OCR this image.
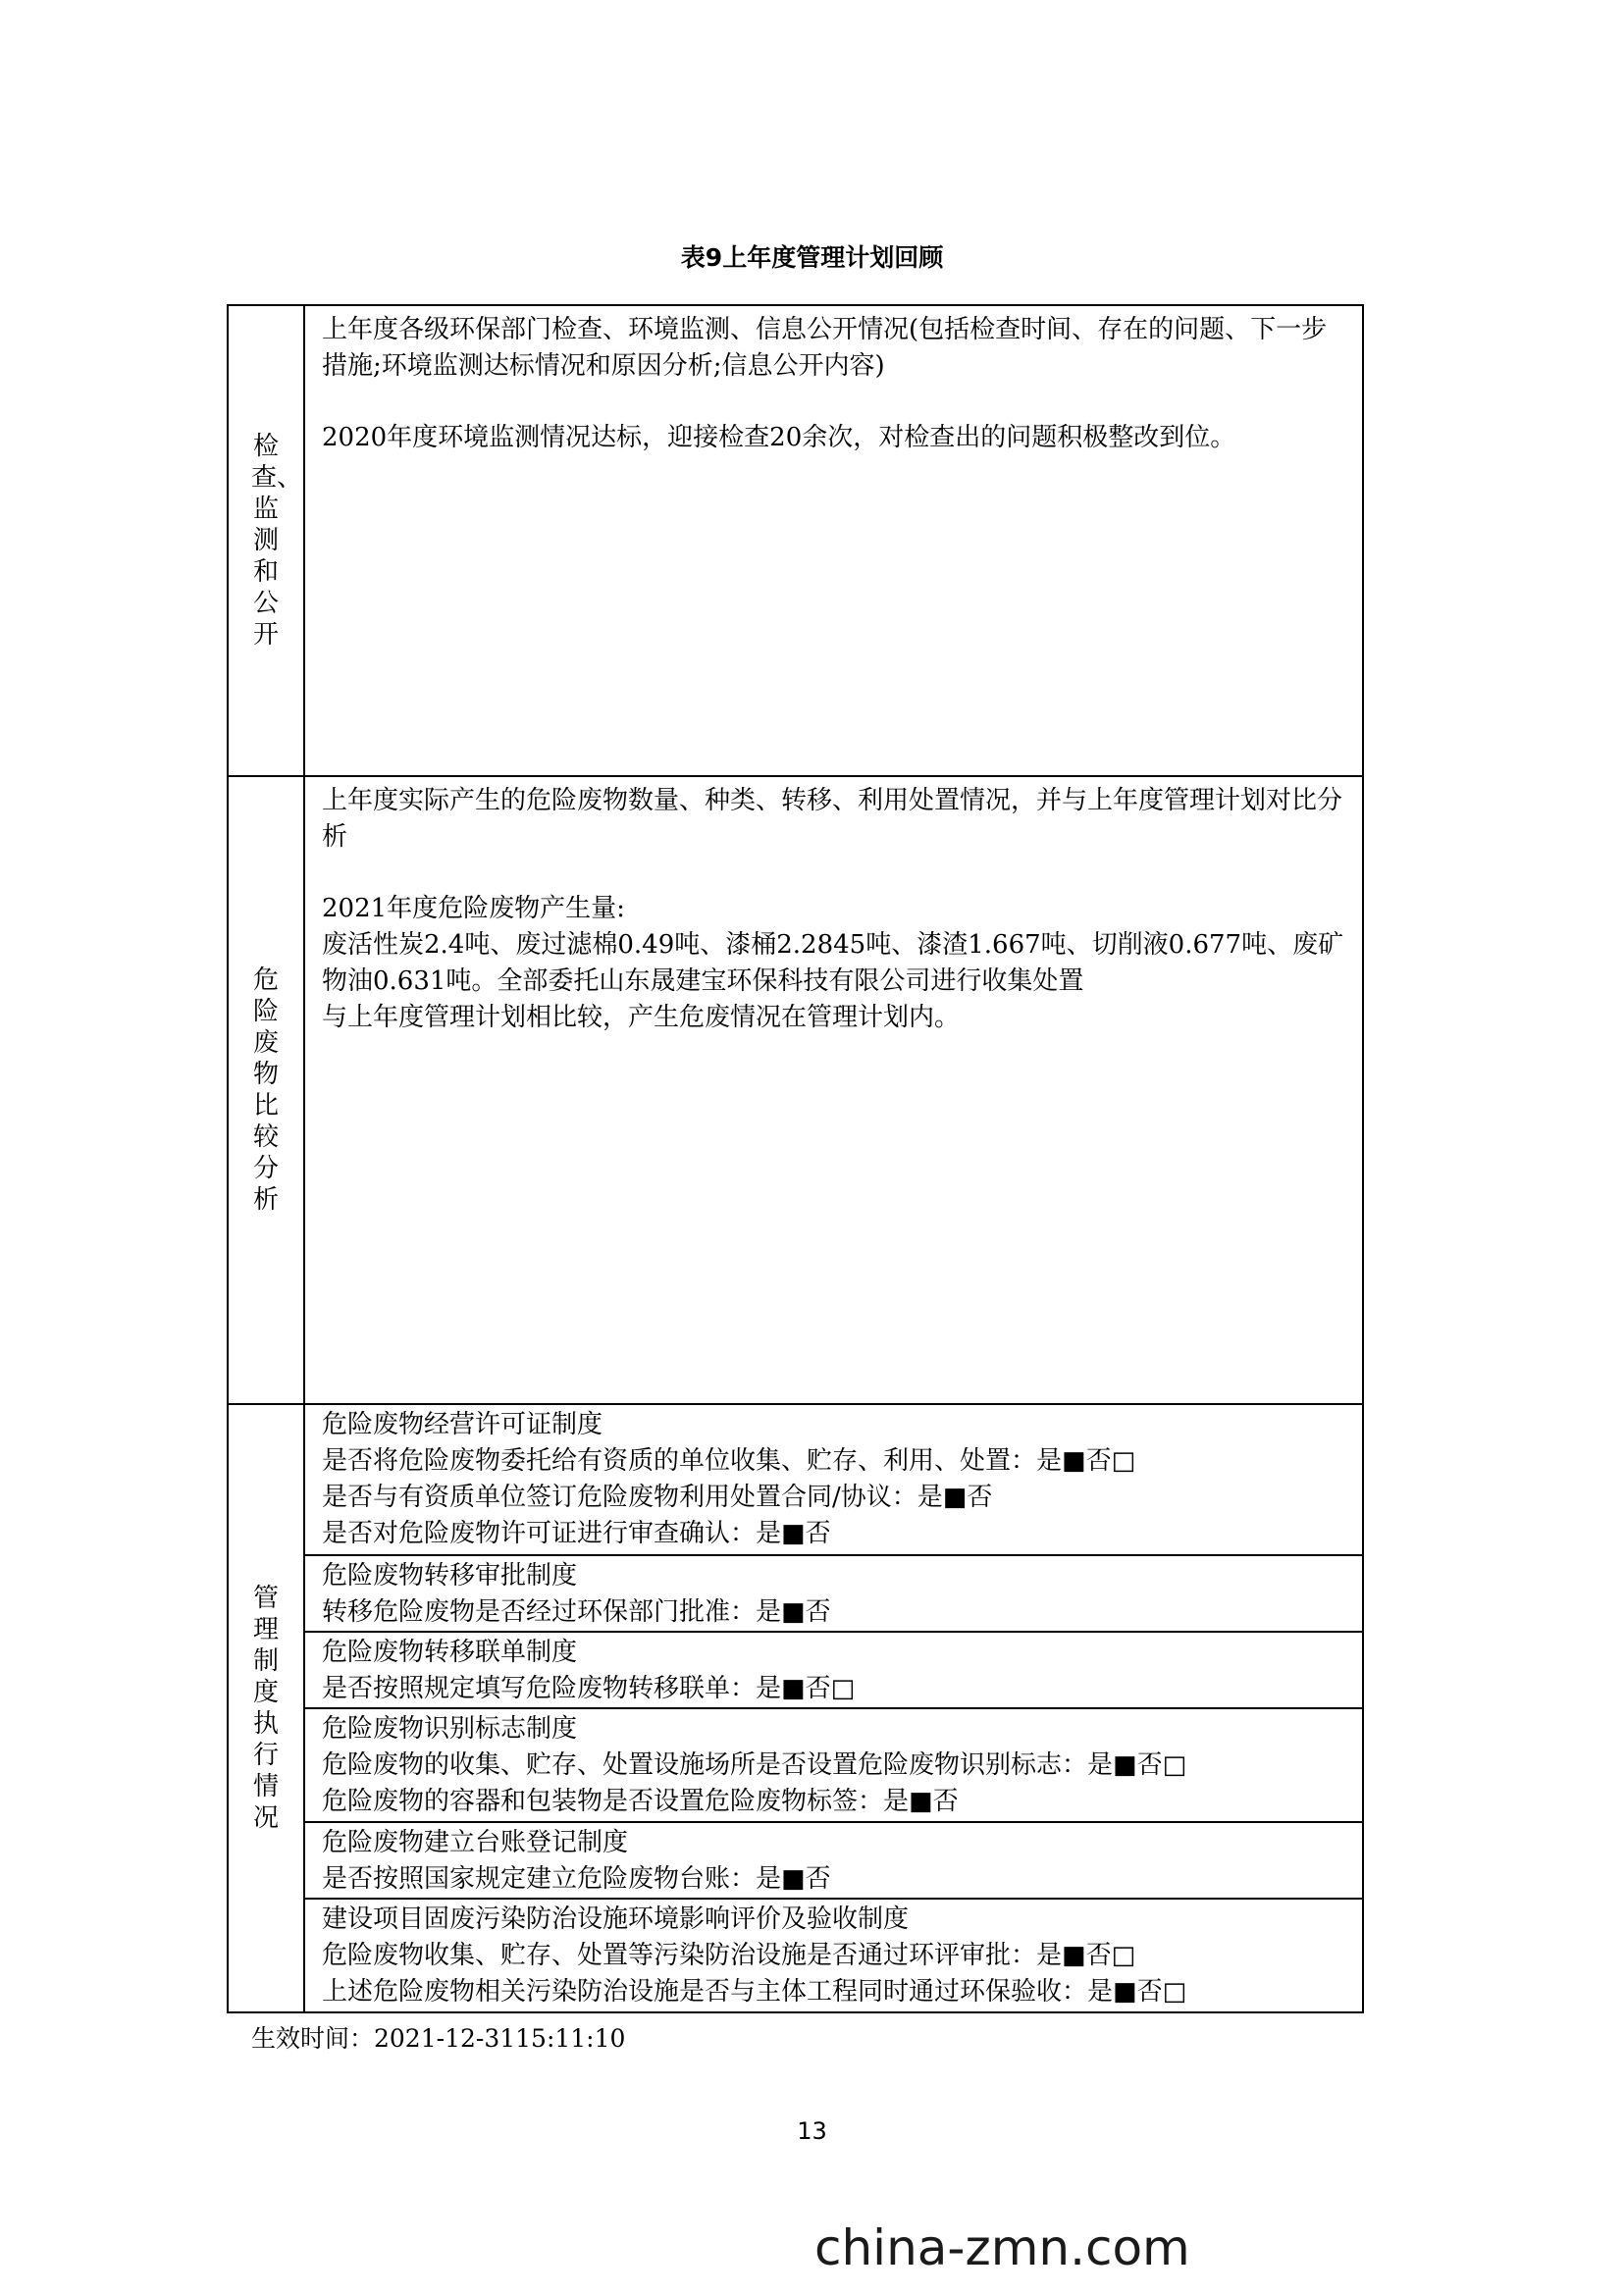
表9上年度管理计划回顾
检查、监测和公开	上年度各级环保部门检查、环境监测、信息公开情况(包括检查时间、存在的问题、下一步措施;环境监测达标情况和原因分析;信息公开内容)

2020年度环境监测情况达标，迎接检查20余次，对检查出的问题积极整改到位。

危险废物比较分析	上年度实际产生的危险废物数量、种类、转移、利用处置情况，并与上年度管理计划对比分析

2021年度危险废物产生量:

废活性炭2.4吨、废过滤棉0.49吨、漆桶2.2845吨、漆渣1.667吨、切削液0.677吨、废矿物油0.631吨。全部委托山东晟建宝环保科技有限公司进行收集处置

与上年度管理计划相比较，产生危废情况在管理计划内。

管理制度执行情况	危险废物经营许可证制度

是否将危险废物委托给有资质的单位收集、贮存、利用、处置：是■否□

是否与有资质单位签订危险废物利用处置合同/协议：是■否

是否对危险废物许可证进行审查确认：是■否

	危险废物转移审批制度

转移危险废物是否经过环保部门批准：是■否

	危险废物转移联单制度

是否按照规定填写危险废物转移联单：是■否□

	危险废物识别标志制度

危险废物的收集、贮存、处置设施场所是否设置危险废物识别标志：是■否□

危险废物的容器和包装物是否设置危险废物标签：是■否

	危险废物建立台账登记制度

是否按照国家规定建立危险废物台账：是■否

	建设项目固废污染防治设施环境影响评价及验收制度

危险废物收集、贮存、处置等污染防治设施是否通过环评审批：是■否□

上述危险废物相关污染防治设施是否与主体工程同时通过环保验收：是■否□

生效时间：2021-12-3115:11:10
13
china-zmn.com
